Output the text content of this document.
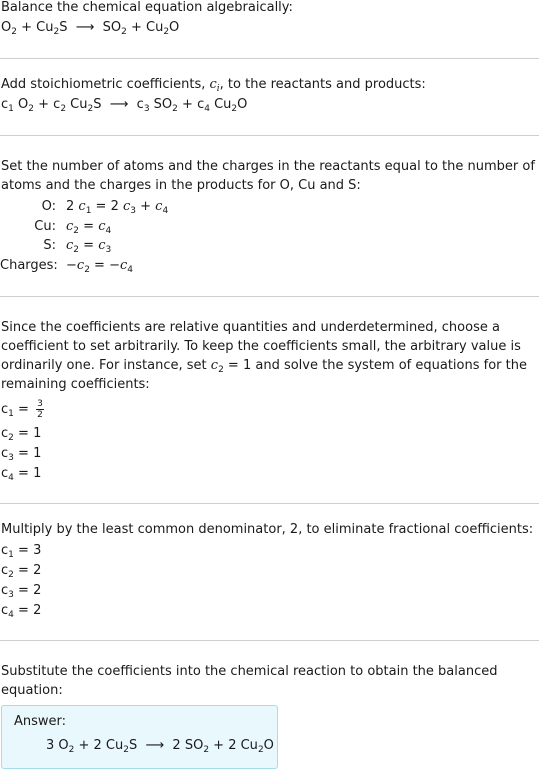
Balance the chemical equation algebraically:
$O_2 + Cu_2S$  ⟶  $SO_2 + Cu_2O$
Add stoichiometric coefficients, $c_i$, to the reactants and products:
$c_1$ $O_2 + c_2$ $Cu_2S$  ⟶  $c_3$ $SO_2 + c_4$ $Cu_2O$
Set the number of atoms and the charges in the reactants equal to the number of
atoms and the charges in the products for O, Cu and S:
O: 2 $c_1 = 2$ $c_3 + c_4$
Cu: $c_2 = c_4$
S: $c_2 = c_3$
Charges: $-c_2 = -c_4$
Since the coefficients are relative quantities and underdetermined, choose a
coefficient to set arbitrarily. To keep the coefficients small, the arbitrary value is
ordinarily one. For instance, set $c_2 = 1$ and solve the system of equations for the
remaining coefficients:
$c_1 = \frac{3}{2}$
$c_2 = 1$
$c_3 = 1$
$c_4 = 1$
Multiply by the least common denominator, 2, to eliminate fractional coefficients:
$c_1 = 3$
$c_2 = 2$
$c_3 = 2$
$c_4 = 2$
Substitute the coefficients into the chemical reaction to obtain the balanced
equation:
Answer:
3 $O_2 + 2$ $Cu_2S$  ⟶  2 $SO_2 + 2$ $Cu_2O$
